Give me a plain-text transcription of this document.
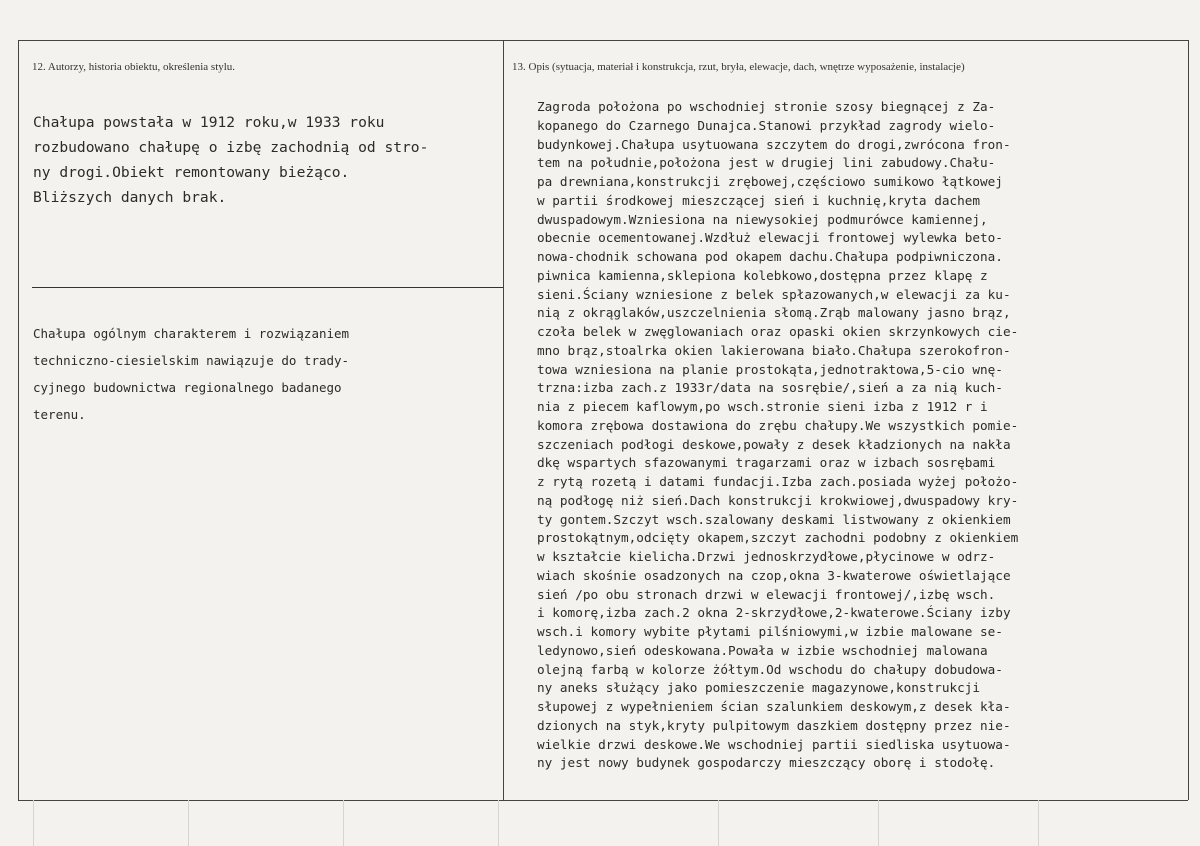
12. Autorzy, historia obiektu, określenia stylu.	13. Opis (sytuacja, materiał i konstrukcja, rzut, bryła, elewacje, dach, wnętrze wyposażenie, instalacje)
Chałupa powstała w 1912 roku,w 1933 roku
rozbudowano chałupę o izbę zachodnią od stro-
ny drogi.Obiekt remontowany bieżąco.
Bliższych danych brak.
Chałupa ogólnym charakterem i rozwiązaniem
techniczno-ciesielskim nawiązuje do trady-
cyjnego budownictwa regionalnego badanego
terenu.
Zagroda położona po wschodniej stronie szosy biegnącej z Za-
kopanego do Czarnego Dunajca.Stanowi przykład zagrody wielo-
budynkowej.Chałupa usytuowana szczytem do drogi,zwrócona fron-
tem na południe,położona jest w drugiej lini zabudowy.Chału-
pa drewniana,konstrukcji zrębowej,częściowo sumikowo łątkowej
w partii środkowej mieszczącej sień i kuchnię,kryta dachem
dwuspadowym.Wzniesiona na niewysokiej podmurówce kamiennej,
obecnie ocementowanej.Wzdłuż elewacji frontowej wylewka beto-
nowa-chodnik schowana pod okapem dachu.Chałupa podpiwniczona.
piwnica kamienna,sklepiona kolebkowo,dostępna przez klapę z
sieni.Ściany wzniesione z belek spłazowanych,w elewacji za ku-
nią z okrąglaków,uszczelnienia słomą.Zrąb malowany jasno brąz,
czoła belek w zwęglowaniach oraz opaski okien skrzynkowych cie-
mno brąz,stoalrka okien lakierowana biało.Chałupa szerokofron-
towa wzniesiona na planie prostokąta,jednotraktowa,5-cio wnę-
trzna:izba zach.z 1933r/data na sosrębie/,sień a za nią kuch-
nia z piecem kaflowym,po wsch.stronie sieni izba z 1912 r i
komora zrębowa dostawiona do zrębu chałupy.We wszystkich pomie-
szczeniach podłogi deskowe,powały z desek kładzionych na nakła
dkę wspartych sfazowanymi tragarzami oraz w izbach sosrębami
z rytą rozetą i datami fundacji.Izba zach.posiada wyżej położo-
ną podłogę niż sień.Dach konstrukcji krokwiowej,dwuspadowy kry-
ty gontem.Szczyt wsch.szalowany deskami listwowany z okienkiem
prostokątnym,odcięty okapem,szczyt zachodni podobny z okienkiem
w kształcie kielicha.Drzwi jednoskrzydłowe,płycinowe w odrz-
wiach skośnie osadzonych na czop,okna 3-kwaterowe oświetlające
sień /po obu stronach drzwi w elewacji frontowej/,izbę wsch.
i komorę,izba zach.2 okna 2-skrzydłowe,2-kwaterowe.Ściany izby
wsch.i komory wybite płytami pilśniowymi,w izbie malowane se-
ledynowo,sień odeskowana.Powała w izbie wschodniej malowana
olejną farbą w kolorze żółtym.Od wschodu do chałupy dobudowa-
ny aneks służący jako pomieszczenie magazynowe,konstrukcji
słupowej z wypełnieniem ścian szalunkiem deskowym,z desek kła-
dzionych na styk,kryty pulpitowym daszkiem dostępny przez nie-
wielkie drzwi deskowe.We wschodniej partii siedliska usytuowa-
ny jest nowy budynek gospodarczy mieszczący oborę i stodołę.
